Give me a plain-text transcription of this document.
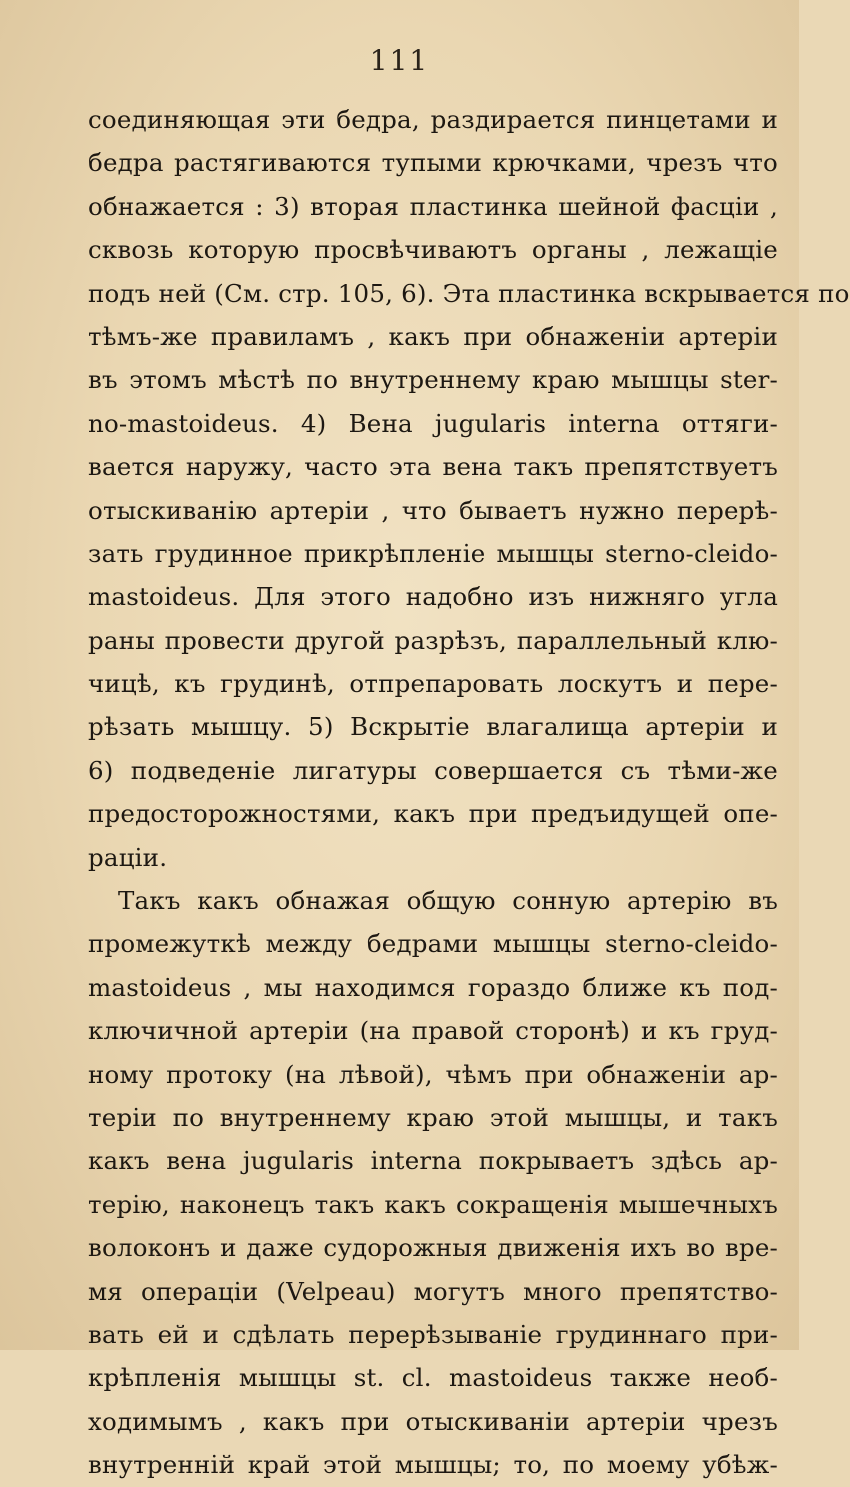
111
соединяющая эти бедра, раздирается пинцетами и
бедра растягиваются тупыми крючками, чрезъ что
обнажается : 3) вторая пластинка шейной фасціи ,
сквозь которую просвѣчиваютъ органы , лежащіе
подъ ней (См. стр. 105, 6). Эта пластинка вскрывается по
тѣмъ-же правиламъ , какъ при обнаженіи артеріи
въ этомъ мѣстѣ по внутреннему краю мышцы ster-
no-mastoideus. 4) Вена jugularis interna оттяги-
вается наружу, часто эта вена такъ препятствуетъ
отыскиванію артеріи , что бываетъ нужно перерѣ-
зать грудинное прикрѣпленіе мышцы sterno-cleido-
mastoideus. Для этого надобно изъ нижняго угла
раны провести другой разрѣзъ, параллельный клю-
чицѣ, къ грудинѣ, отпрепаровать лоскутъ и пере-
рѣзать мышцу. 5) Вскрытіе влагалища артеріи и
6) подведеніе лигатуры совершается съ тѣми-же
предосторожностями, какъ при предъидущей опе-
раціи.
Такъ какъ обнажая общую сонную артерію въ
промежуткѣ между бедрами мышцы sterno-cleido-
mastoideus , мы находимся гораздо ближе къ под-
ключичной артеріи (на правой сторонѣ) и къ груд-
ному протоку (на лѣвой), чѣмъ при обнаженіи ар-
теріи по внутреннему краю этой мышцы, и такъ
какъ вена jugularis interna покрываетъ здѣсь ар-
терію, наконецъ такъ какъ сокращенія мышечныхъ
волоконъ и даже судорожныя движенія ихъ во вре-
мя операціи (Velpeau) могутъ много препятство-
вать ей и сдѣлать перерѣзываніе грудиннаго при-
крѣпленія мышцы st. cl. mastoideus также необ-
ходимымъ , какъ при отыскиваніи артеріи чрезъ
внутренній край этой мышцы; то, по моему убѣж-
